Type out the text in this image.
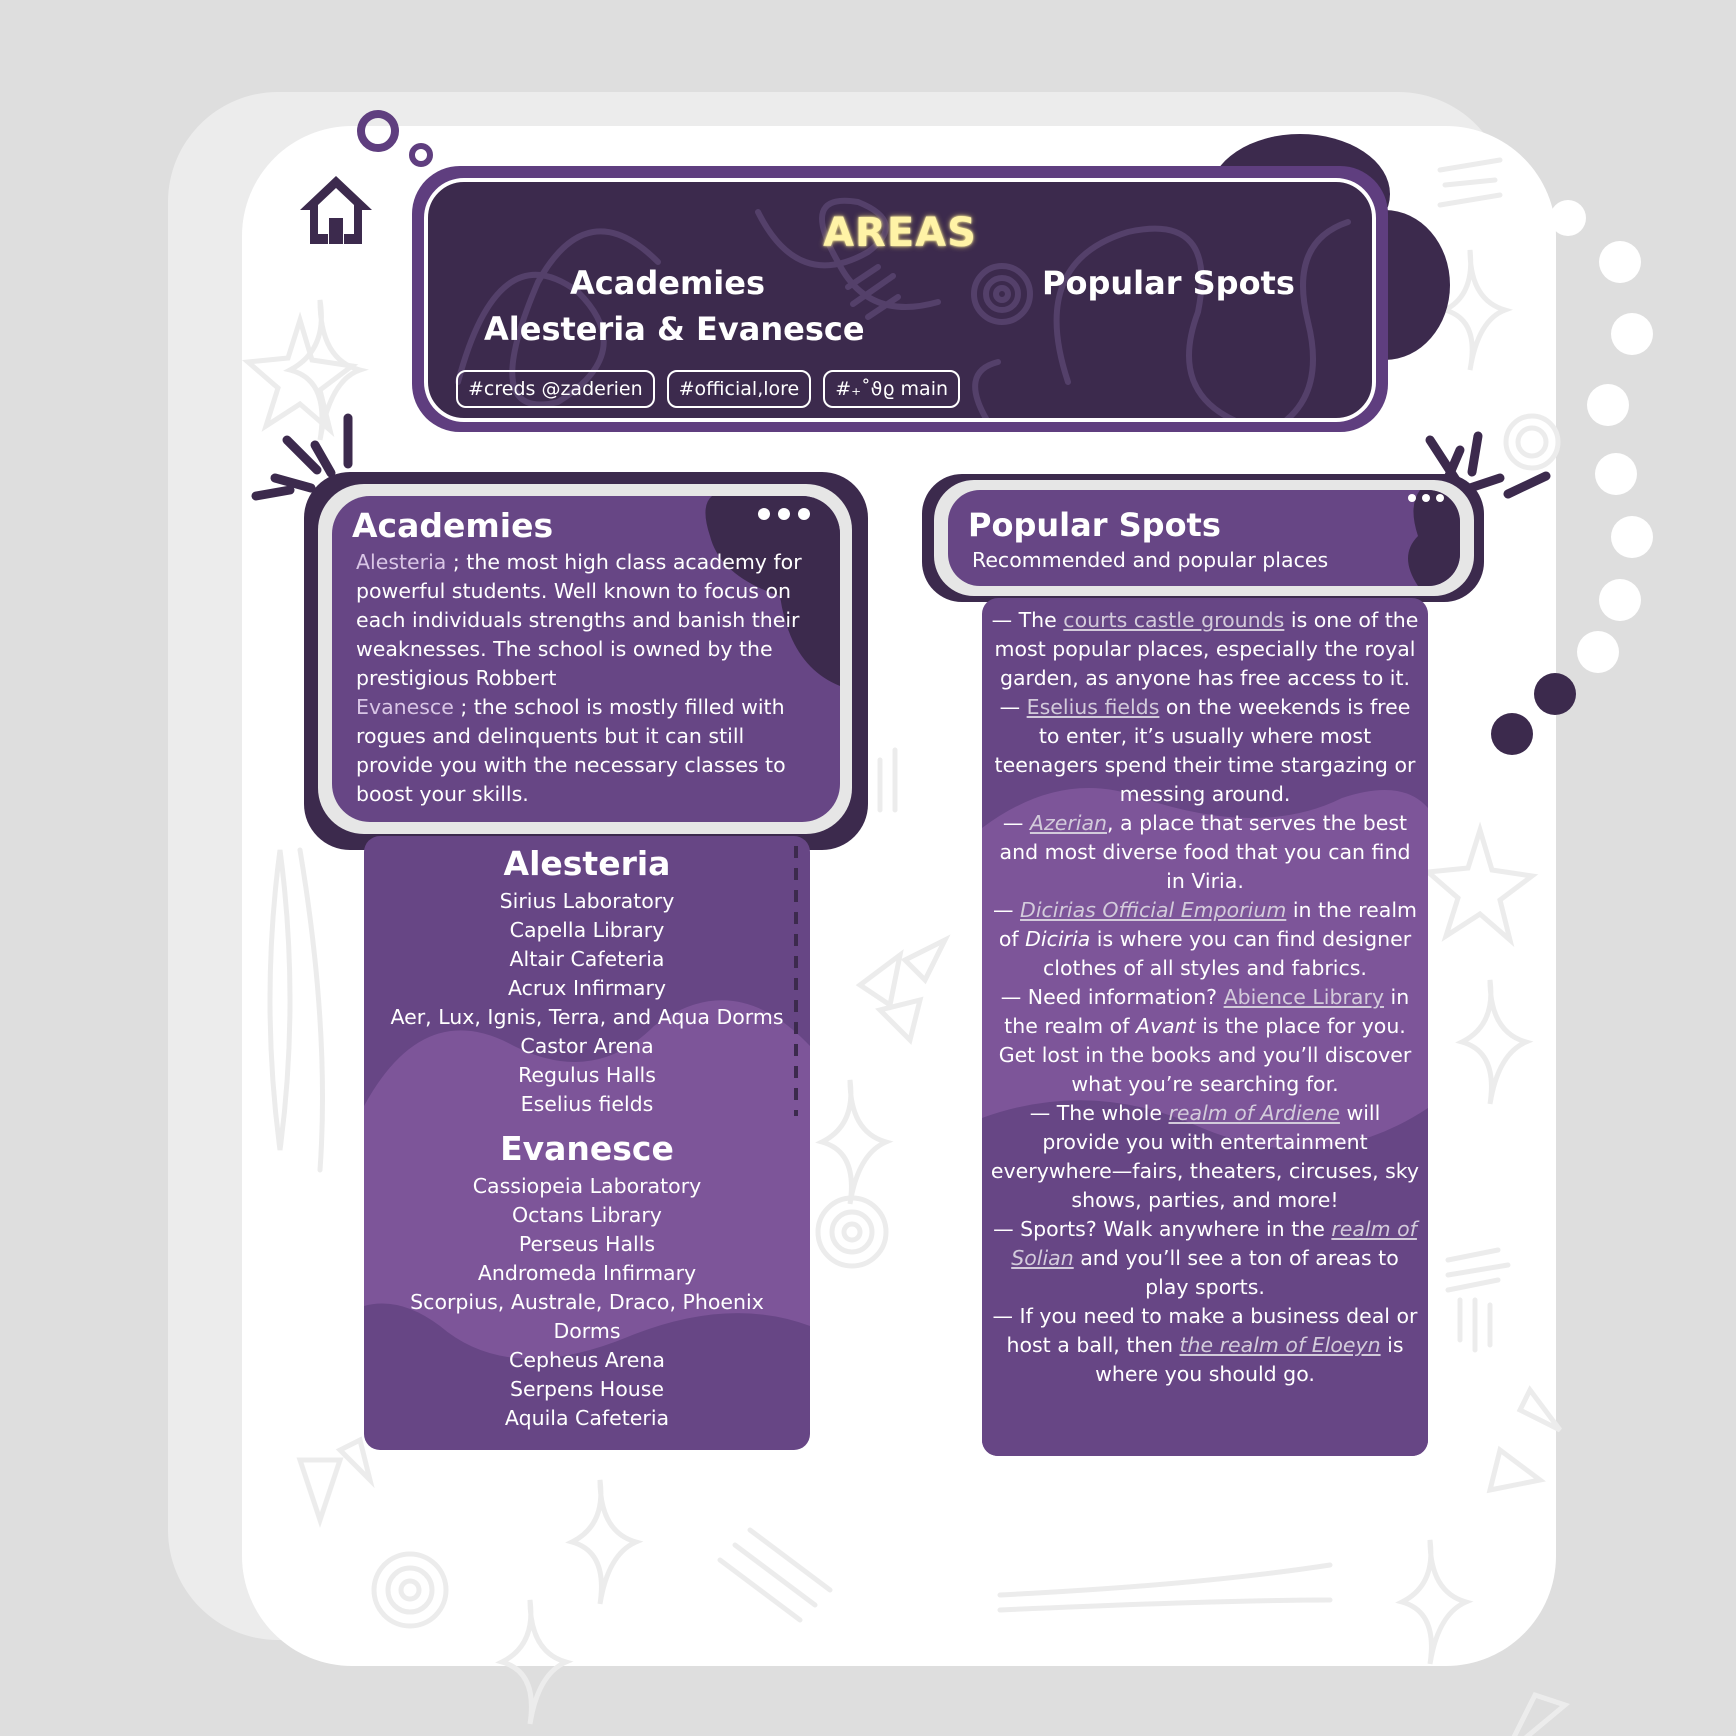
AREAS
Academies
Alesteria & Evanesce
Popular Spots
#creds @zaderien	#official,lore	#₊˚ϑϱ main
Academies
Alesteria ; the most high class academy for powerful students. Well known to focus on each individuals strengths and banish their weaknesses. The school is owned by the prestigious Robbert
Evanesce ; the school is mostly filled with rogues and delinquents but it can still provide you with the necessary classes to boost your skills.
Alesteria
Sirius Laboratory
Capella Library
Altair Cafeteria
Acrux Infirmary
Aer, Lux, Ignis, Terra, and Aqua Dorms
Castor Arena
Regulus Halls
Eselius fields
Evanesce
Cassiopeia Laboratory
Octans Library
Perseus Halls
Andromeda Infirmary
Scorpius, Australe, Draco, Phoenix Dorms
Cepheus Arena
Serpens House
Aquila Cafeteria
Popular Spots
Recommended and popular places

— The courts castle grounds is one of the most popular places, especially the royal garden, as anyone has free access to it.

— Eselius fields on the weekends is free to enter, it’s usually where most teenagers spend their time stargazing or messing around.

— Azerian, a place that serves the best and most diverse food that you can find in Viria.

— Dicirias Official Emporium in the realm of Diciria is where you can find designer clothes of all styles and fabrics.

— Need information? Abience Library in the realm of Avant is the place for you. Get lost in the books and you’ll discover what you’re searching for.

— The whole realm of Ardiene will provide you with entertainment everywhere—fairs, theaters, circuses, sky shows, parties, and more!

— Sports? Walk anywhere in the realm of Solian and you’ll see a ton of areas to play sports.

— If you need to make a business deal or host a ball, then the realm of Eloeyn is where you should go.
